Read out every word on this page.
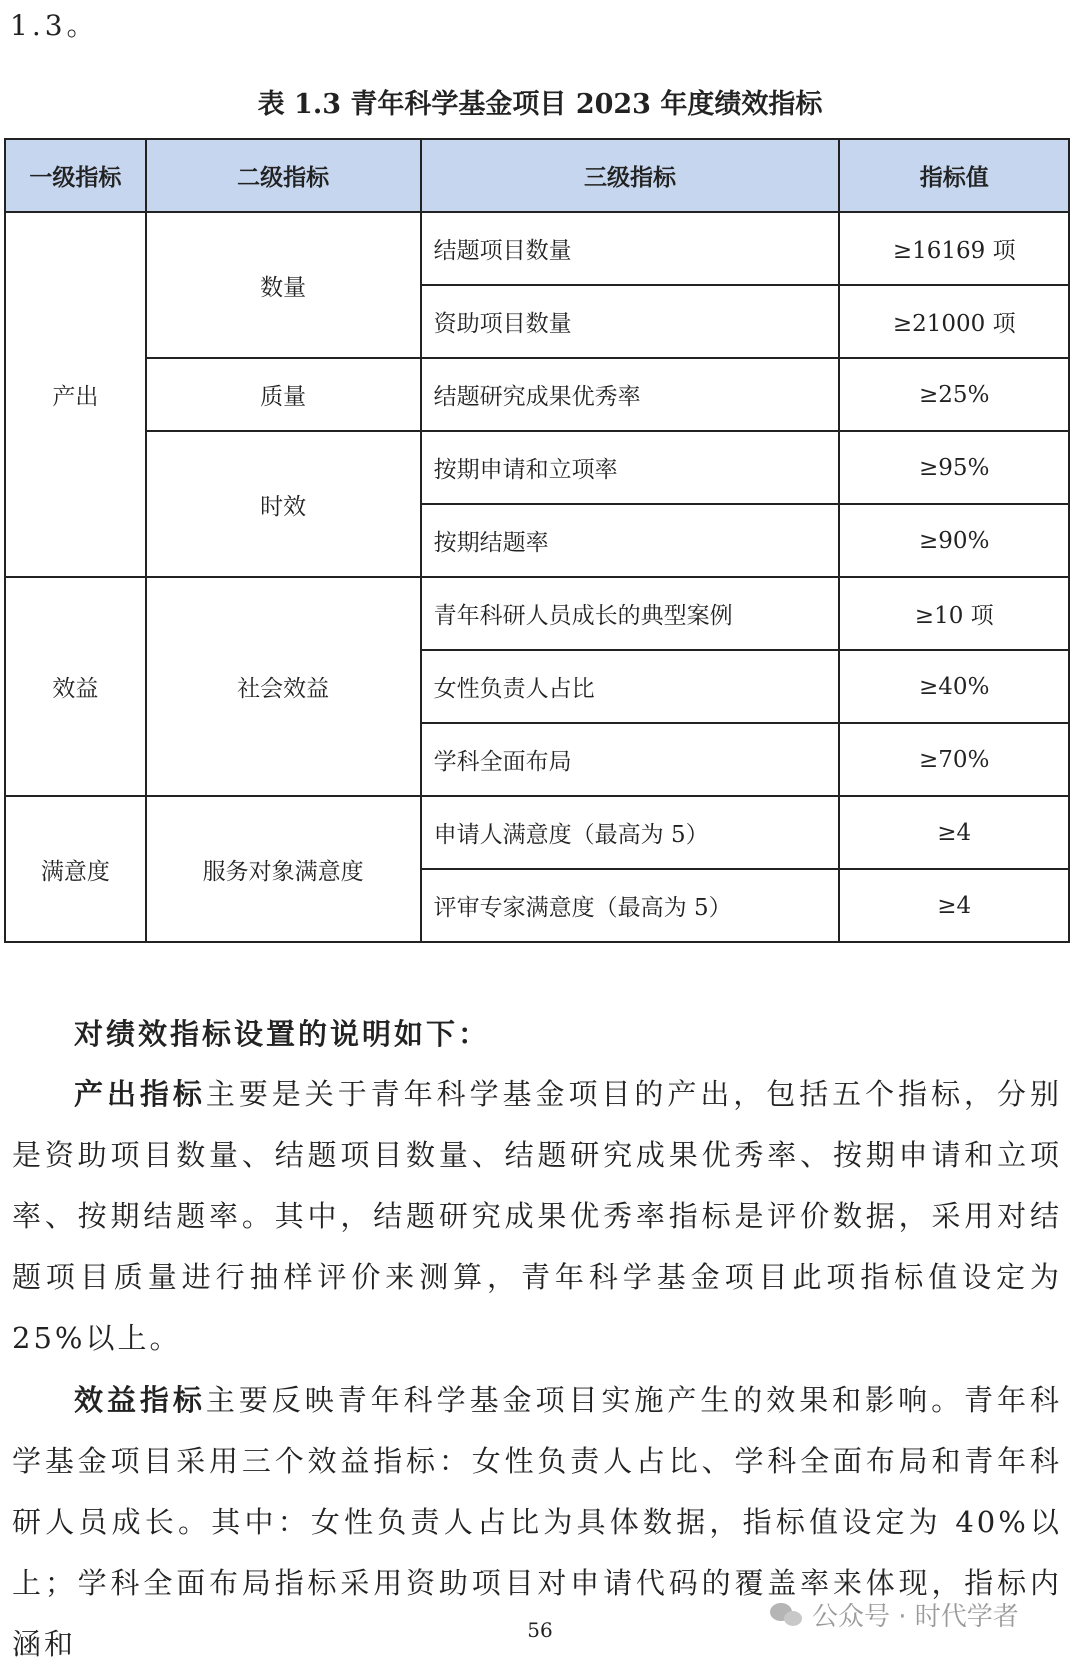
1.3。
表 1.3 青年科学基金项目 2023 年度绩效指标
一级指标	二级指标	三级指标	指标值
产出	数量	结题项目数量	≥16169 项
		资助项目数量	≥21000 项
	质量	结题研究成果优秀率	≥25%
	时效	按期申请和立项率	≥95%
		按期结题率	≥90%
效益	社会效益	青年科研人员成长的典型案例	≥10 项
		女性负责人占比	≥40%
		学科全面布局	≥70%
满意度	服务对象满意度	申请人满意度（最高为 5）	≥4
		评审专家满意度（最高为 5）	≥4
对绩效指标设置的说明如下：
产出指标主要是关于青年科学基金项目的产出，包括五个指标，分别是资助项目数量、结题项目数量、结题研究成果优秀率、按期申请和立项率、按期结题率。其中，结题研究成果优秀率指标是评价数据，采用对结题项目质量进行抽样评价来测算，青年科学基金项目此项指标值设定为25%以上。
效益指标主要反映青年科学基金项目实施产生的效果和影响。青年科学基金项目采用三个效益指标：女性负责人占比、学科全面布局和青年科研人员成长。其中：女性负责人占比为具体数据，指标值设定为 40%以上；学科全面布局指标采用资助项目对申请代码的覆盖率来体现，指标内涵和
公众号 · 时代学者
56
